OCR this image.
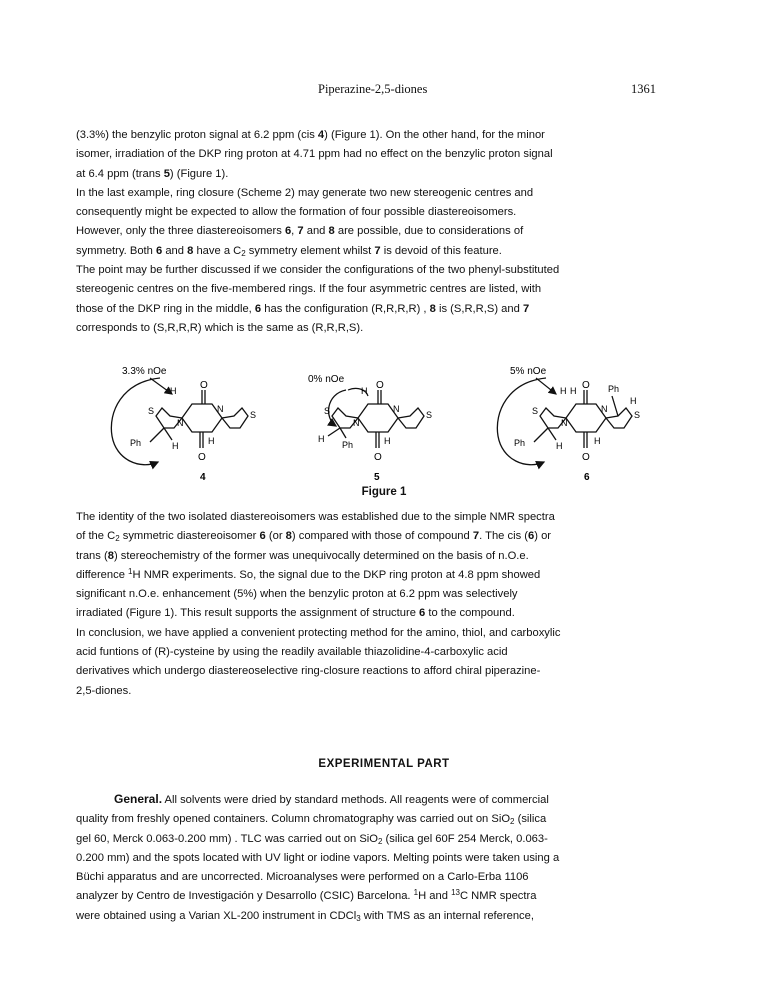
Piperazine-2,5-diones	1361

(3.3%) the benzylic proton signal at 6.2 ppm (cis 4) (Figure 1). On the other hand, for the minor

isomer, irradiation of the DKP ring proton at 4.71 ppm had no effect on the benzylic proton signal

at 6.4 ppm (trans 5) (Figure 1).

In the last example, ring closure (Scheme 2) may generate two new stereogenic centres and

consequently might be expected to allow the formation of four possible diastereoisomers.

However, only the three diastereoisomers 6, 7 and 8 are possible, due to considerations of

symmetry. Both 6 and 8 have a $C_2$ symmetry element whilst 7 is devoid of this feature.

The point may be further discussed if we consider the configurations of the two phenyl-substituted

stereogenic centres on the five-membered rings. If the four asymmetric centres are listed, with

those of the DKP ring in the middle, 6 has the configuration (R,R,R,R) , 8 is (S,R,R,S) and 7

corresponds to (S,R,R,R) which is the same as (R,R,R,S).

3.3% nOe
O
O
H
N
N
S	S
Ph	H	H
4
0% nOe
O
O
H
N
N
S	S
H
Ph	H
5
5% nOe
O
O
H H	Ph
H
N
N
S	S
Ph	H	H
6
Figure 1

The identity of the two isolated diastereoisomers was established due to the simple NMR spectra

of the $C_2$ symmetric diastereoisomer 6 (or 8) compared with those of compound 7. The cis (6) or

trans (8) stereochemistry of the former was unequivocally determined on the basis of n.O.e.

difference $^1$H NMR experiments. So, the signal due to the DKP ring proton at 4.8 ppm showed

significant n.O.e. enhancement (5%) when the benzylic proton at 6.2 ppm was selectively

irradiated (Figure 1). This result supports the assignment of structure 6 to the compound.

In conclusion, we have applied a convenient protecting method for the amino, thiol, and carboxylic

acid funtions of (R)-cysteine by using the readily available thiazolidine-4-carboxylic acid

derivatives which undergo diastereoselective ring-closure reactions to afford chiral piperazine-

2,5-diones.

EXPERIMENTAL PART

General. All solvents were dried by standard methods. All reagents were of commercial

quality from freshly opened containers. Column chromatography was carried out on SiO$_2$ (silica

gel 60, Merck 0.063-0.200 mm) . TLC was carried out on SiO$_2$ (silica gel 60F 254 Merck, 0.063-

0.200 mm) and the spots located with UV light or iodine vapors. Melting points were taken using a

Büchi apparatus and are uncorrected. Microanalyses were performed on a Carlo-Erba 1106

analyzer by Centro de Investigación y Desarrollo (CSIC) Barcelona. $^1$H and $^{13}$C NMR spectra

were obtained using a Varian XL-200 instrument in CDCl$_3$ with TMS as an internal reference,
